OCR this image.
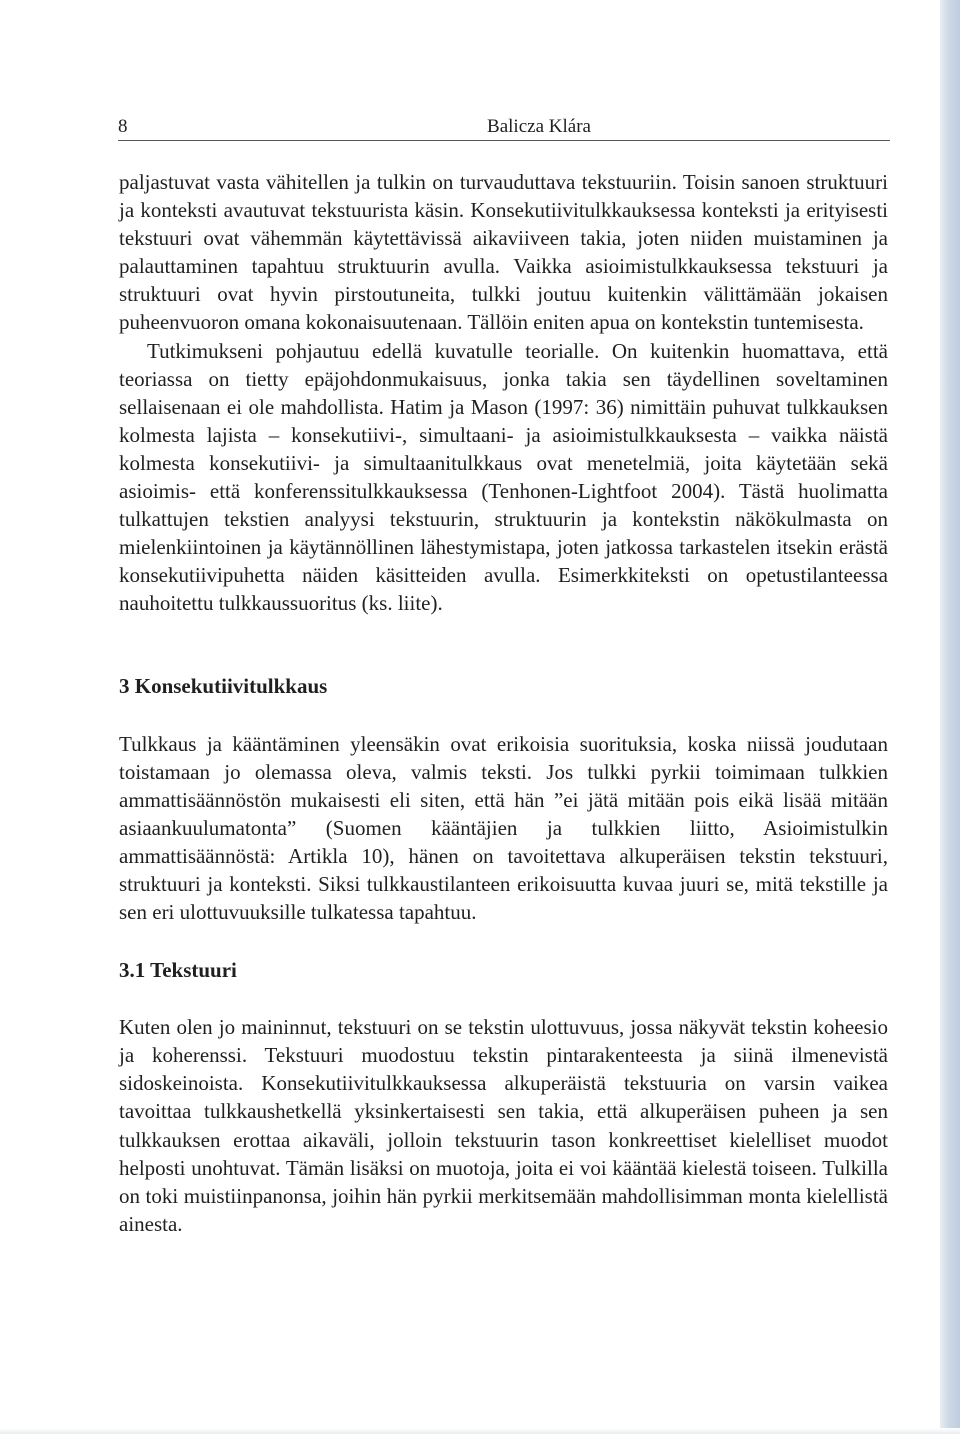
8	Balicza Klára

paljastuvat vasta vähitellen ja tulkin on turvauduttava tekstuuriin. Toisin sanoen struktuuri ja konteksti avautuvat tekstuurista käsin. Konsekutiivitulkkauksessa konteksti ja erityisesti tekstuuri ovat vähemmän käytettävissä aikaviiveen takia, joten niiden muistaminen ja palauttaminen tapahtuu struktuurin avulla. Vaikka asioimistulkkauksessa tekstuuri ja struktuuri ovat hyvin pirstoutuneita, tulkki joutuu kuitenkin välittämään jokaisen puheenvuoron omana kokonaisuutenaan. Tällöin eniten apua on kontekstin tuntemisesta.

Tutkimukseni pohjautuu edellä kuvatulle teorialle. On kuitenkin huomattava, että teoriassa on tietty epäjohdonmukaisuus, jonka takia sen täydellinen soveltaminen sellaisenaan ei ole mahdollista. Hatim ja Mason (1997: 36) nimittäin puhuvat tulkkauksen kolmesta lajista – konsekutiivi-, simultaani- ja asioimistulkkauksesta – vaikka näistä kolmesta konsekutiivi- ja simultaanitulkkaus ovat menetelmiä, joita käytetään sekä asioimis- että konferenssitulkkauksessa (Tenhonen-Lightfoot 2004). Tästä huolimatta tulkattujen tekstien analyysi tekstuurin, struktuurin ja kontekstin näkökulmasta on mielenkiintoinen ja käytännöllinen lähestymistapa, joten jatkossa tarkastelen itsekin erästä konsekutiivipuhetta näiden käsitteiden avulla. Esimerkkiteksti on opetustilanteessa nauhoitettu tulkkaussuoritus (ks. liite).

3 Konsekutiivitulkkaus

Tulkkaus ja kääntäminen yleensäkin ovat erikoisia suorituksia, koska niissä joudutaan toistamaan jo olemassa oleva, valmis teksti. Jos tulkki pyrkii toimimaan tulkkien ammattisäännöstön mukaisesti eli siten, että hän ”ei jätä mitään pois eikä lisää mitään asiaankuulumatonta” (Suomen kääntäjien ja tulkkien liitto, Asioimistulkin ammattisäännöstä: Artikla 10), hänen on tavoitettava alkuperäisen tekstin tekstuuri, struktuuri ja konteksti. Siksi tulkkaustilanteen erikoisuutta kuvaa juuri se, mitä tekstille ja sen eri ulottuvuuksille tulkatessa tapahtuu.

3.1 Tekstuuri

Kuten olen jo maininnut, tekstuuri on se tekstin ulottuvuus, jossa näkyvät tekstin koheesio ja koherenssi. Tekstuuri muodostuu tekstin pintarakenteesta ja siinä ilmenevistä sidoskeinoista. Konsekutiivitulkkauksessa alkuperäistä tekstuuria on varsin vaikea tavoittaa tulkkaushetkellä yksinkertaisesti sen takia, että alkuperäisen puheen ja sen tulkkauksen erottaa aikaväli, jolloin tekstuurin tason konkreettiset kielelliset muodot helposti unohtuvat. Tämän lisäksi on muotoja, joita ei voi kääntää kielestä toiseen. Tulkilla on toki muistiinpanonsa, joihin hän pyrkii merkitsemään mahdollisimman monta kielellistä ainesta.
